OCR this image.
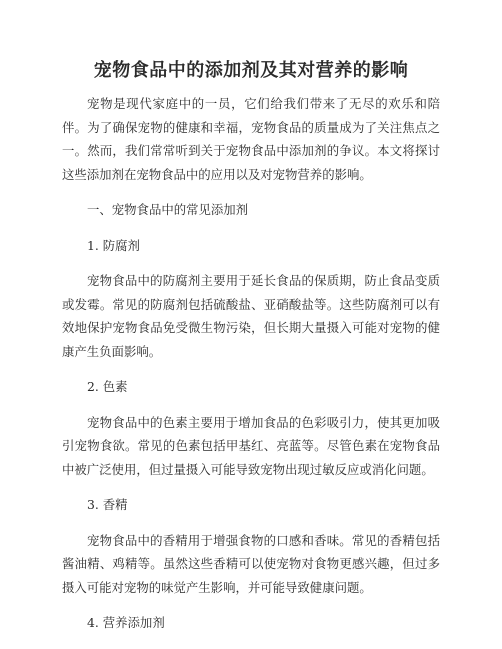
宠物食品中的添加剂及其对营养的影响

宠物是现代家庭中的一员，它们给我们带来了无尽的欢乐和陪伴。为了确保宠物的健康和幸福，宠物食品的质量成为了关注焦点之一。然而，我们常常听到关于宠物食品中添加剂的争议。本文将探讨这些添加剂在宠物食品中的应用以及对宠物营养的影响。

一、宠物食品中的常见添加剂

1. 防腐剂

宠物食品中的防腐剂主要用于延长食品的保质期，防止食品变质或发霉。常见的防腐剂包括硫酸盐、亚硝酸盐等。这些防腐剂可以有效地保护宠物食品免受微生物污染，但长期大量摄入可能对宠物的健康产生负面影响。

2. 色素

宠物食品中的色素主要用于增加食品的色彩吸引力，使其更加吸引宠物食欲。常见的色素包括甲基红、亮蓝等。尽管色素在宠物食品中被广泛使用，但过量摄入可能导致宠物出现过敏反应或消化问题。

3. 香精

宠物食品中的香精用于增强食物的口感和香味。常见的香精包括酱油精、鸡精等。虽然这些香精可以使宠物对食物更感兴趣，但过多摄入可能对宠物的味觉产生影响，并可能导致健康问题。

4. 营养添加剂
